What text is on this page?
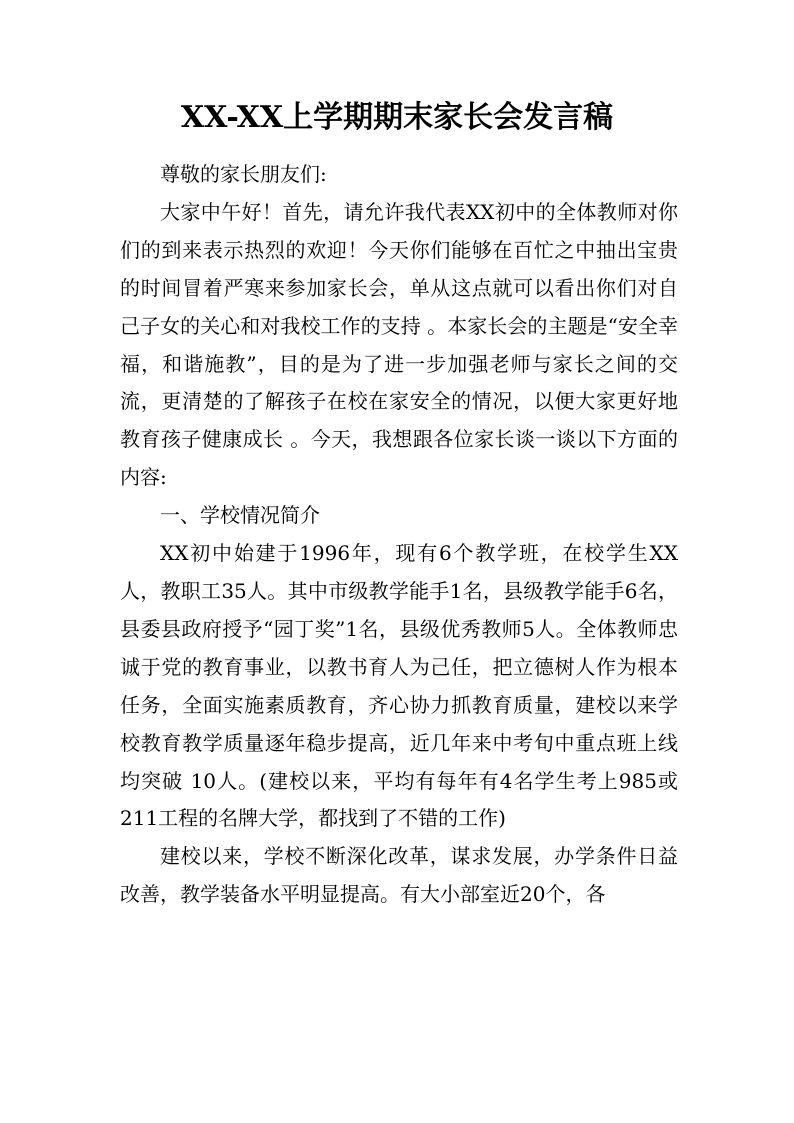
XX-XX上学期期末家长会发言稿

尊敬的家长朋友们:

大家中午好！首先，请允许我代表XX初中的全体教师对你们的到来表示热烈的欢迎！今天你们能够在百忙之中抽出宝贵的时间冒着严寒来参加家长会，单从这点就可以看出你们对自己子女的关心和对我校工作的支持 。本家长会的主题是“安全幸福，和谐施教”，目的是为了进一步加强老师与家长之间的交流，更清楚的了解孩子在校在家安全的情况，以便大家更好地教育孩子健康成长 。今天，我想跟各位家长谈一谈以下方面的内容:

一、学校情况简介

XX初中始建于1996年，现有6个教学班，在校学生XX人，教职工35人。其中市级教学能手1名，县级教学能手6名，县委县政府授予“园丁奖”1名，县级优秀教师5人。全体教师忠诚于党的教育事业，以教书育人为己任，把立德树人作为根本任务，全面实施素质教育，齐心协力抓教育质量，建校以来学校教育教学质量逐年稳步提高，近几年来中考旬中重点班上线均突破 10人。(建校以来，平均有每年有4名学生考上985或211工程的名牌大学，都找到了不错的工作)

建校以来，学校不断深化改革，谋求发展，办学条件日益改善，教学装备水平明显提高。有大小部室近20个，各
